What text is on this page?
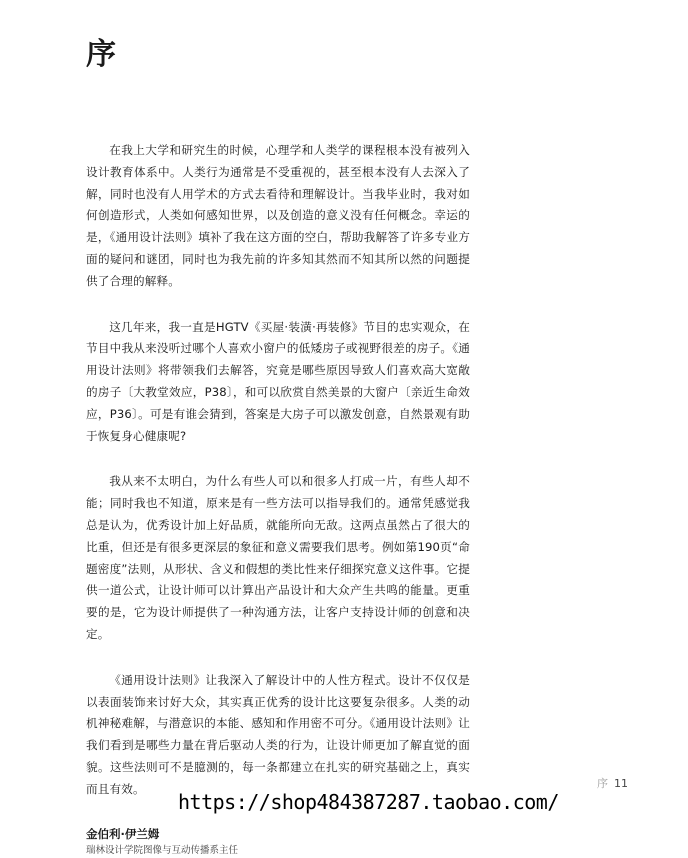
序

在我上大学和研究生的时候，心理学和人类学的课程根本没有被列入设计教育体系中。人类行为通常是不受重视的，甚至根本没有人去深入了解，同时也没有人用学术的方式去看待和理解设计。当我毕业时，我对如何创造形式，人类如何感知世界，以及创造的意义没有任何概念。幸运的是，《通用设计法则》填补了我在这方面的空白，帮助我解答了许多专业方面的疑问和谜团，同时也为我先前的许多知其然而不知其所以然的问题提供了合理的解释。

这几年来，我一直是HGTV《买屋·装潢·再装修》节目的忠实观众，在节目中我从来没听过哪个人喜欢小窗户的低矮房子或视野很差的房子。《通用设计法则》将带领我们去解答，究竟是哪些原因导致人们喜欢高大宽敞的房子〔大教堂效应，P38〕，和可以欣赏自然美景的大窗户〔亲近生命效应，P36〕。可是有谁会猜到，答案是大房子可以激发创意，自然景观有助于恢复身心健康呢?

我从来不太明白，为什么有些人可以和很多人打成一片，有些人却不能；同时我也不知道，原来是有一些方法可以指导我们的。通常凭感觉我总是认为，优秀设计加上好品质，就能所向无敌。这两点虽然占了很大的比重，但还是有很多更深层的象征和意义需要我们思考。例如第190页“命题密度”法则，从形状、含义和假想的类比性来仔细探究意义这件事。它提供一道公式，让设计师可以计算出产品设计和大众产生共鸣的能量。更重要的是，它为设计师提供了一种沟通方法，让客户支持设计师的创意和决定。

《通用设计法则》让我深入了解设计中的人性方程式。设计不仅仅是以表面装饰来讨好大众，其实真正优秀的设计比这要复杂很多。人类的动机神秘难解，与潜意识的本能、感知和作用密不可分。《通用设计法则》让我们看到是哪些力量在背后驱动人类的行为，让设计师更加了解直觉的面貌。这些法则可不是臆测的，每一条都建立在扎实的研究基础之上，真实而且有效。

金伯利·伊兰姆
瑞林设计学院图像与互动传播系主任
序 11
https://shop484387287.taobao.com/
